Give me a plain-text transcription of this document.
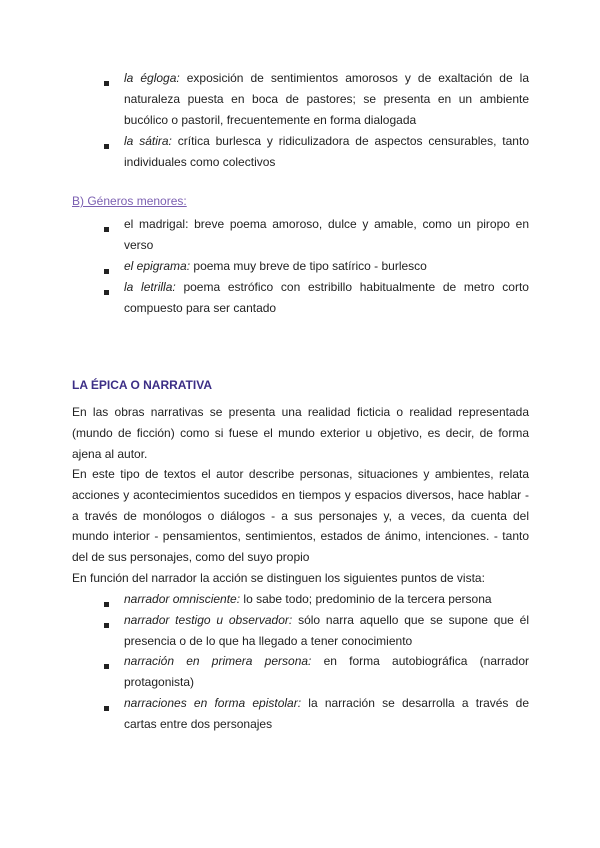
la égloga: exposición de sentimientos amorosos y de exaltación de la
naturaleza puesta en boca de pastores; se presenta en un ambiente
bucólico o pastoril, frecuentemente en forma dialogada
la sátira: crítica burlesca y ridiculizadora de aspectos censurables, tanto
individuales como colectivos
B) Géneros menores:
el madrigal: breve poema amoroso, dulce y amable, como un piropo en
verso
el epigrama: poema muy breve de tipo satírico - burlesco
la letrilla: poema estrófico con estribillo habitualmente de metro corto
compuesto para ser cantado
LA ÉPICA O NARRATIVA
En las obras narrativas se presenta una realidad ficticia o realidad representada
(mundo de ficción) como si fuese el mundo exterior u objetivo, es decir, de forma
ajena al autor.
En este tipo de textos el autor describe personas, situaciones y ambientes, relata
acciones y acontecimientos sucedidos en tiempos y espacios diversos, hace hablar -
a través de monólogos o diálogos - a sus personajes y, a veces, da cuenta del
mundo interior - pensamientos, sentimientos, estados de ánimo, intenciones. - tanto
del de sus personajes, como del suyo propio
En función del narrador la acción se distinguen los siguientes puntos de vista:
narrador omnisciente: lo sabe todo; predominio de la tercera persona
narrador testigo u observador: sólo narra aquello que se supone que él
presencia o de lo que ha llegado a tener conocimiento
narración en primera persona: en forma autobiográfica (narrador
protagonista)
narraciones en forma epistolar: la narración se desarrolla a través de
cartas entre dos personajes
